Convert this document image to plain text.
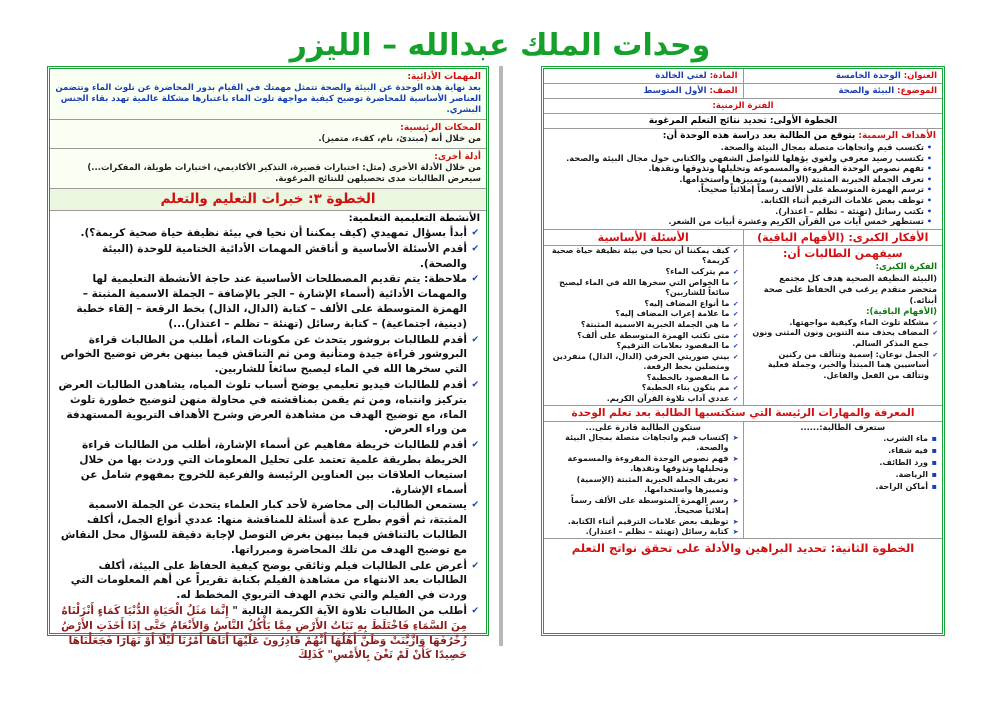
وحدات الملك عبدالله – الليزر
المهمات الأدائية:
بعد نهاية هذه الوحدة عن البيئة والصحة تتمثل مهمتك في القيام بدور المحاضرة عن تلوث الماء وتتضمن العناصر الأساسية للمحاضرة توضيح كيفية مواجهة تلوث الماء باعتبارها مشكلة عالمية تهدد بقاء الجنس البشري.
المحكات الرئيسية:
من خلال أنه (مبتدئ، نام، كفء، متميز).
أدلة أخرى:
من خلال الأدلة الأخرى (مثل: اختبارات قصيرة، التذكير الأكاديمي، اختبارات طويلة، المفكرات...) سيعرض الطالبات مدى تحصيلهن للنتائج المرغوبة.
الخطوة ٣: خبرات التعليم والتعلم
الأنشطة التعليمية التعلمية:
✔ أبدأ بسؤال تمهيدي (كيف يمكننا أن نحيا في بيئة نظيفة حياة صحية كريمة؟).
✔ أقدم الأسئلة الأساسية و أناقش المهمات الأدائية الختامية للوحدة (البيئة والصحة).
✔ ملاحظة: يتم تقديم المصطلحات الأساسية عند حاجة الأنشطة التعليمية لها والمهمات الأدائية (أسماء الإشارة – الجر بالإضافة – الجملة الاسمية المثبتة – الهمزة المتوسطة على الألف – كتابة (الدال، الذال) بخط الرقعة – إلقاء خطبة (دينية، اجتماعية) – كتابة رسائل (تهنئة – تظلم – اعتذار)...)
✔ أقدم للطالبات بروشور يتحدث عن مكونات الماء، أطلب من الطالبات قراءة البروشور قراءة جيدة ومتأنية ومن ثم التناقش فيما بينهن بغرض توضيح الخواص التي سخرها الله في الماء ليصبح سائغاً للشاربين.
✔ أقدم للطالبات فيديو تعليمي يوضح أسباب تلوث المياه، يشاهدن الطالبات العرض بتركيز وانتباه، ومن ثم يقمن بمناقشته في محاولة منهن لتوضيح خطورة تلوث الماء، مع توضيح الهدف من مشاهدة العرض وشرح الأهداف التربوية المستهدفة من وراء العرض.
✔ أقدم للطالبات خريطة مفاهيم عن أسماء الإشارة، أطلب من الطالبات قراءة الخريطة بطريقة علمية تعتمد على تحليل المعلومات التي وردت بها من خلال استيعاب العلاقات بين العناوين الرئيسة والفرعية للخروج بمفهوم شامل عن أسماء الإشارة.
✔ يستمعن الطالبات إلى محاضرة لأحد كبار العلماء يتحدث عن الجملة الاسمية المثبتة، ثم أقوم بطرح عدة أسئلة للمناقشة منها: عددي أنواع الجمل، أكلف الطالبات بالتناقش فيما بينهن بغرض التوصل لإجابة دقيقة للسؤال محل النقاش مع توضيح الهدف من تلك المحاضرة ومبرراتها.
✔ أعرض على الطالبات فيلم وثائقي يوضح كيفية الحفاظ على البيئة، أكلف الطالبات بعد الانتهاء من مشاهدة الفيلم بكتابة تقريراً عن أهم المعلومات التي وردت في الفيلم والتي تخدم الهدف التربوي المخطط له.
✔ أطلب من الطالبات تلاوة الآية الكريمة التالية " إِنَّمَا مَثَلُ الْحَيَاةِ الدُّنْيَا كَمَاءٍ أَنْزَلْنَاهُ مِنَ السَّمَاءِ فَاخْتَلَطَ بِهِ نَبَاتُ الأَرْضِ مِمَّا يَأْكُلُ النَّاسُ وَالأَنْعَامُ حَتَّى إِذَا أَخَذَتِ الأَرْضُ زُخْرُفَهَا وَازَّيَّنَتْ وَظَنَّ أَهْلُهَا أَنَّهُمْ قَادِرُونَ عَلَيْهَا أَتَاهَا أَمْرُنَا لَيْلًا أَوْ نَهَارًا فَجَعَلْنَاهَا حَصِيدًا كَأَنْ لَمْ تَغْنَ بِالأَمْسِ" كَذَلِكَ
العنوان: الوحدة الخامسة
المادة: لغتي الخالدة
الموضوع: البيئة والصحة
الصف: الأول المتوسط
الفترة الزمنية:
الخطوة الأولى: تحديد نتائج التعلم المرغوبة
الأهداف الرسمية: يتوقع من الطالبة بعد دراسة هذه الوحدة أن:
• تكتسب قيم واتجاهات متصلة بمجال البيئة والصحة.
• تكتسب رصيد معرفي ولغوي يؤهلها للتواصل الشفهي والكتابي حول مجال البيئة والصحة.
• تفهم نصوص الوحدة المقروءة والمسموعة وتحليلها وتذوقها ونقدها.
• تعرف الجملة الخبرية المثبتة (الاسمية) وتمييزها واستخدامها.
• ترسم الهمزة المتوسطة على الألف رسماً إملائياً صحيحاً.
• توظف بعض علامات الترقيم أثناء الكتابة.
• تكتب رسائل (تهنئة – تظلم – اعتذار).
• تستظهر خمس آيات من القرآن الكريم وعشرة أبيات من الشعر.
الأفكار الكبرى: (الأفهام الباقية)
سيفهمن الطالبات أن:
الفكرة الكبرى:
(البيئة النظيفة الصحية هدف كل مجتمع متحضر متقدم يرغب في الحفاظ على صحة أبنائه.)
(الأفهام الباقية):
✔ مشكلة تلوث الماء وكيفية مواجهتها.
✔ المضاف يحذف منه التنوين ونون المثنى ونون جمع المذكر السالم.
✔ الجمل نوعان: إسمية وتتألف من ركنين أساسيين هما المبتدأ والخبر، وجملة فعلية وتتألف من الفعل والفاعل.
الأسئلة الأساسية
✔ كيف يمكننا أن نحيا في بيئة نظيفة حياة صحية كريمة؟
✔ مم يتركب الماء؟
✔ ما الخواص التي سخرها الله في الماء ليصبح سائغاً للشاربين؟
✔ ما أنواع المضاف إليه؟
✔ ما علامة إعراب المضاف إليه؟
✔ ما هي الجملة الخبرية الاسمية المثبتة؟
✔ متى تكتب الهمزة المتوسطة على ألف؟
✔ ما المقصود بعلامات الترقيم؟
✔ بيني صوريتي الحرفي (الدال، الذال) منفردين ومتصلين بخط الرقعة.
✔ ما المقصود بالخطبة؟
✔ مم يتكون بناء الخطبة؟
✔ عددي آداب تلاوة القرآن الكريم.
المعرفة والمهارات الرئيسة التي ستكتسبها الطالبة بعد تعلم الوحدة
ستعرف الطالبة:......
▪ ماء الشرب.
▪ فيه شفاء.
▪ ورد الطائف.
▪ الرياضة.
▪ أماكن الراحة.
ستكون الطالبة قادرة على...
➤ إكتساب قيم واتجاهات متصلة بمجال البيئة والصحة.
➤ فهم نصوص الوحدة المقروءة والمسموعة وتحليلها وتذوقها ونقدها.
➤ تعريف الجملة الخبرية المثبتة (الإسمية) وتمييزها واستخدامها.
➤ رسم الهمزة المتوسطة على الألف رسماً إملائياً صحيحاً.
➤ توظيف بعض علامات الترقيم أثناء الكتابة.
➤ كتابة رسائل (تهنئة – تظلم – اعتذار).
الخطوة الثانية: تحديد البراهين والأدلة على تحقق نواتج التعلم
